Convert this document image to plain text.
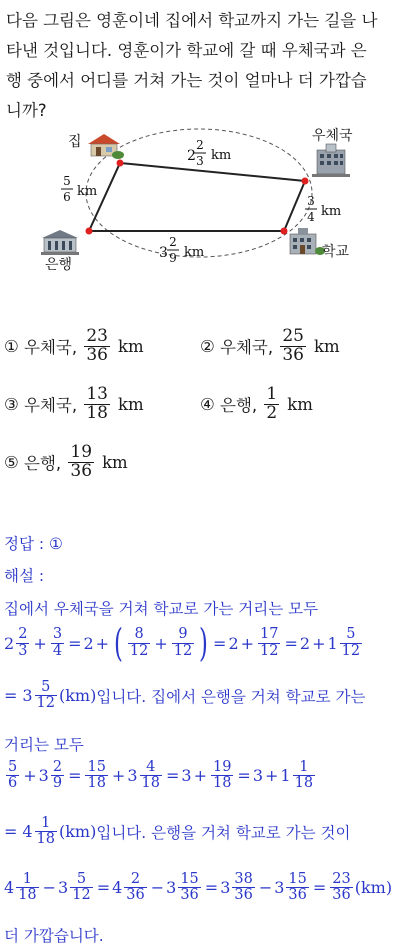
다음 그림은 영훈이네 집에서 학교까지 가는 길을 나
타낸 것입니다. 영훈이가 학교에 갈 때 우체국과 은
행 중에서 어디를 거쳐 가는 것이 얼마나 더 가깝습
니까?
집	우체국
은행
학교
2
2
3 km
5
6 km
3
4 km
3
2
9 km
①
우체국,
$\frac{23}{36}$ km	②
우체국,
$\frac{25}{36}$ km
③
우체국,
$\frac{13}{18}$ km	④
은행,
$\frac{1}{2}$ km
⑤
은행,
$\frac{19}{36}$ km
정답 : ①
해설 :
집에서 우체국을 거쳐 학교로 가는 거리는 모두
$2 \frac{2}{3} + \frac{3}{4} = 2$ + ( $\frac{8}{12} + \frac{9}{12}$ ) = $2 + \frac{17}{12} = 2 + 1 \frac{5}{12}$
=
$3 \frac{5}{12} (km)$ 입니다. 집에서 은행을 거쳐 학교로 가는
거리는 모두
$\frac{5}{6} + 3 \frac{2}{9} = \frac{15}{18} + 3 \frac{4}{18} = 3 + \frac{19}{18} = 3 + 1 \frac{1}{18}$
=
$4 \frac{1}{18} (km)$ 입니다. 은행을 거쳐 학교로 가는 것이
$4 \frac{1}{18} - 3 \frac{5}{12} = 4 \frac{2}{36} - 3 \frac{15}{36} = 3 \frac{38}{36} - 3 \frac{15}{36} = \frac{23}{36} (km)$
더 가깝습니다.
